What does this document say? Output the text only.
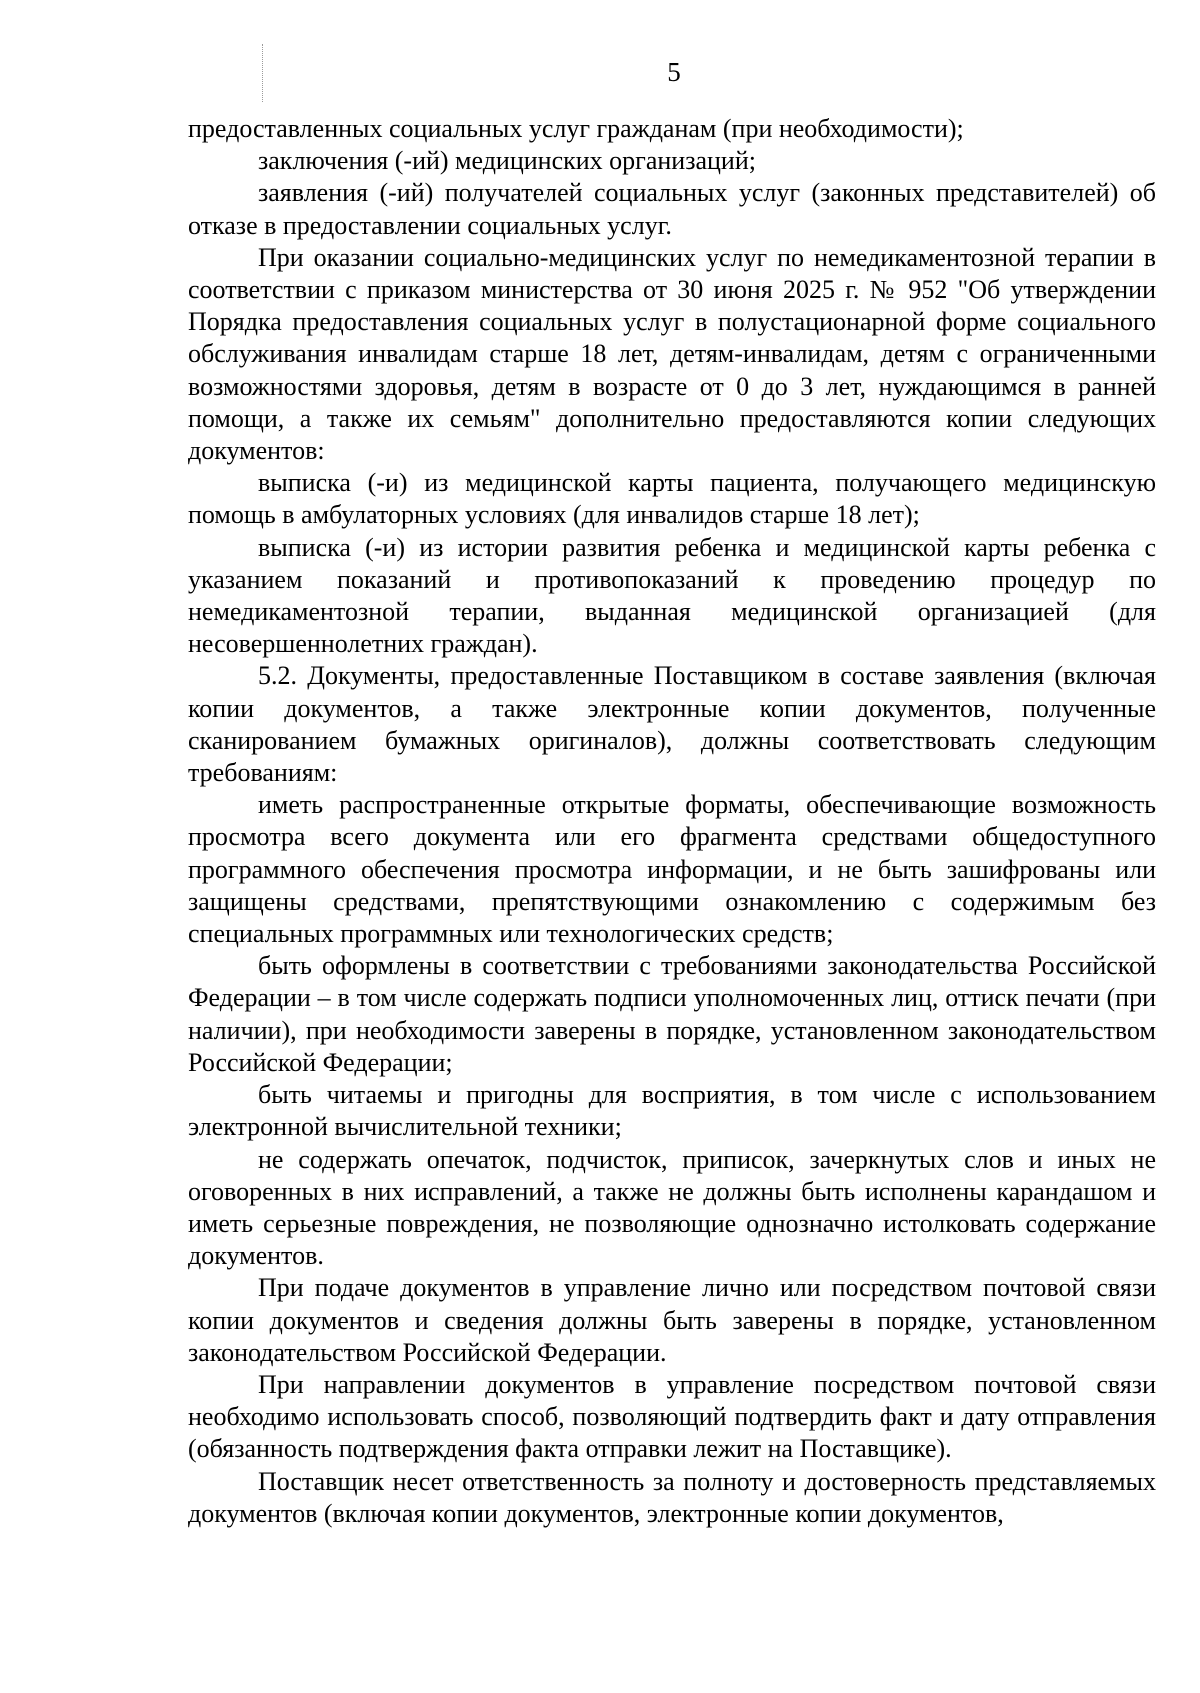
5

предоставленных социальных услуг гражданам (при необходимости);

заключения (-ий) медицинских организаций;

заявления (-ий) получателей социальных услуг (законных представителей) об отказе в предоставлении социальных услуг.

При оказании социально-медицинских услуг по немедикаментозной терапии в соответствии с приказом министерства от 30 июня 2025 г. № 952 "Об утверждении Порядка предоставления социальных услуг в полустационарной форме социального обслуживания инвалидам старше 18 лет, детям-инвалидам, детям с ограниченными возможностями здоровья, детям в возрасте от 0 до 3 лет, нуждающимся в ранней помощи, а также их семьям" дополнительно предоставляются копии следующих документов:

выписка (-и) из медицинской карты пациента, получающего медицинскую помощь в амбулаторных условиях (для инвалидов старше 18 лет);

выписка (-и) из истории развития ребенка и медицинской карты ребенка с указанием показаний и противопоказаний к проведению процедур по немедикаментозной терапии, выданная медицинской организацией (для несовершеннолетних граждан).

5.2. Документы, предоставленные Поставщиком в составе заявления (включая копии документов, а также электронные копии документов, полученные сканированием бумажных оригиналов), должны соответствовать следующим требованиям:

иметь распространенные открытые форматы, обеспечивающие возможность просмотра всего документа или его фрагмента средствами общедоступного программного обеспечения просмотра информации, и не быть зашифрованы или защищены средствами, препятствующими ознакомлению с содержимым без специальных программных или технологических средств;

быть оформлены в соответствии с требованиями законодательства Российской Федерации – в том числе содержать подписи уполномоченных лиц, оттиск печати (при наличии), при необходимости заверены в порядке, установленном законодательством Российской Федерации;

быть читаемы и пригодны для восприятия, в том числе с использованием электронной вычислительной техники;

не содержать опечаток, подчисток, приписок, зачеркнутых слов и иных не оговоренных в них исправлений, а также не должны быть исполнены карандашом и иметь серьезные повреждения, не позволяющие однозначно истолковать содержание документов.

При подаче документов в управление лично или посредством почтовой связи копии документов и сведения должны быть заверены в порядке, установленном законодательством Российской Федерации.

При направлении документов в управление посредством почтовой связи необходимо использовать способ, позволяющий подтвердить факт и дату отправления (обязанность подтверждения факта отправки лежит на Поставщике).

Поставщик несет ответственность за полноту и достоверность представляемых документов (включая копии документов, электронные копии документов,
